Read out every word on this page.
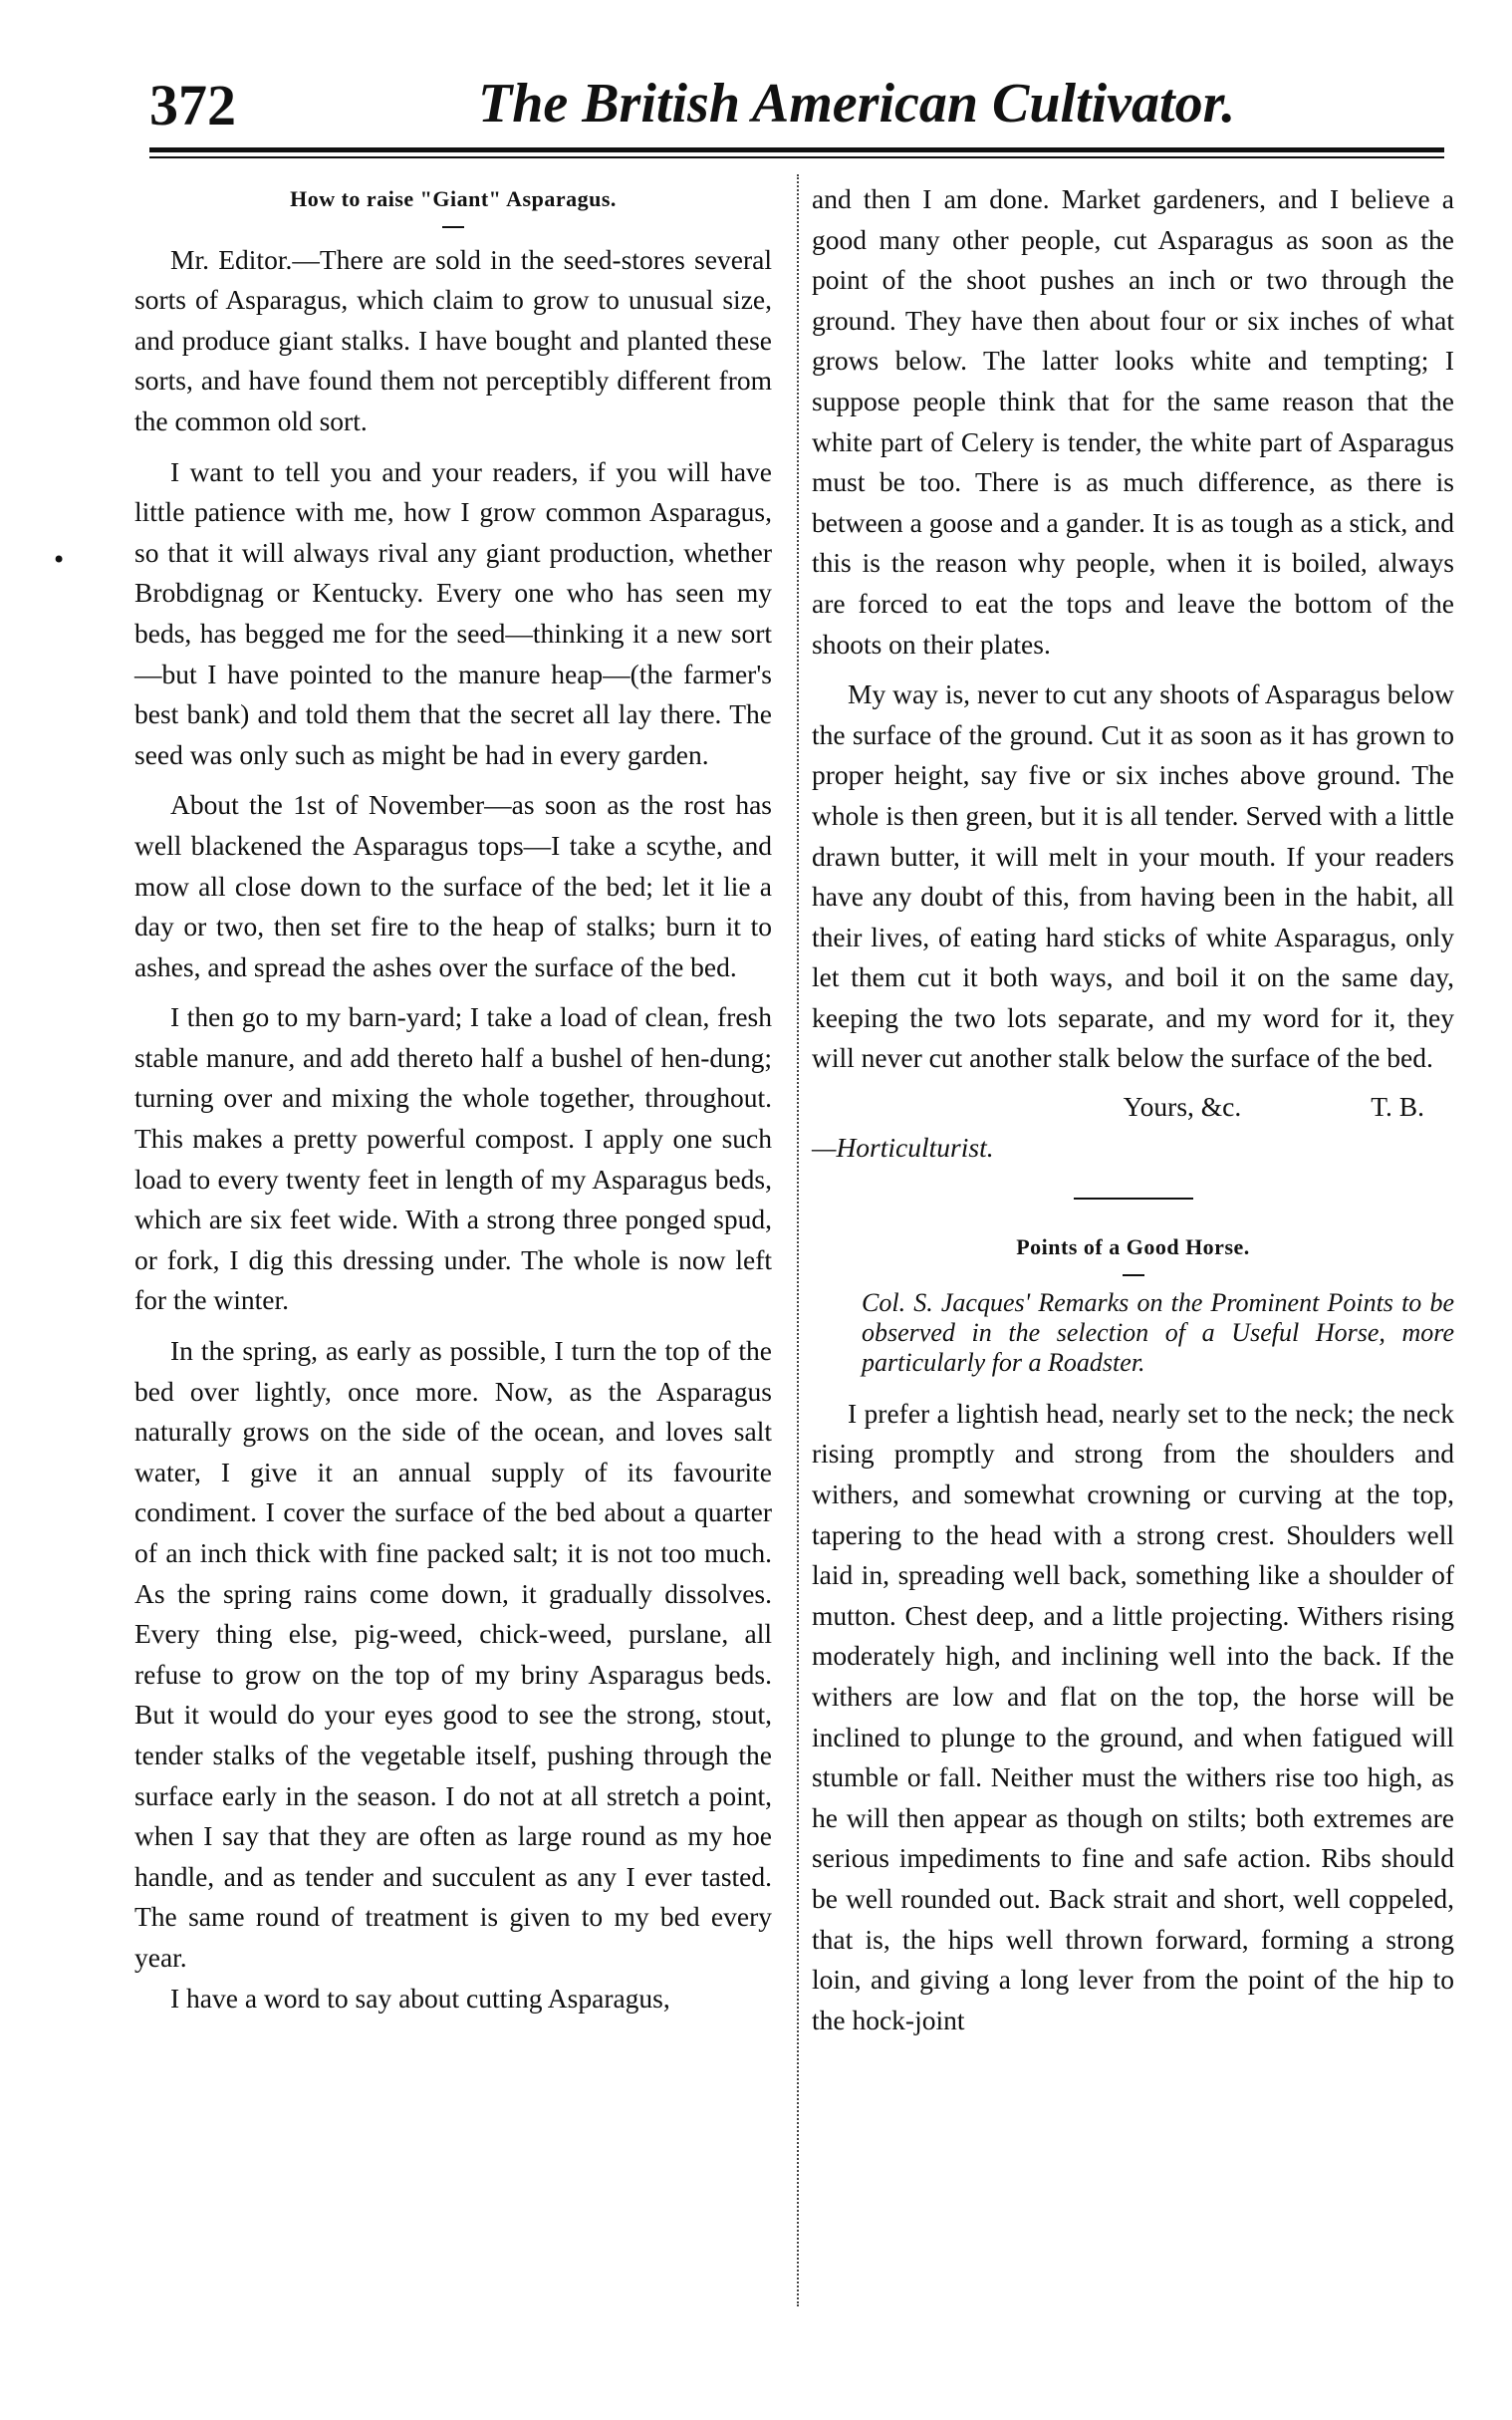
372	The British American Cultivator.
•

How to raise "Giant" Asparagus.

Mr. Editor.—There are sold in the seed-stores several sorts of Asparagus, which claim to grow to unusual size, and produce giant stalks. I have bought and planted these sorts, and have found them not perceptibly different from the common old sort.

I want to tell you and your readers, if you will have little patience with me, how I grow common Asparagus, so that it will always rival any giant production, whether Brobdignag or Kentucky. Every one who has seen my beds, has begged me for the seed—thinking it a new sort—but I have pointed to the manure heap—(the farmer's best bank) and told them that the secret all lay there. The seed was only such as might be had in every garden.

About the 1st of November—as soon as the rost has well blackened the Asparagus tops—I take a scythe, and mow all close down to the surface of the bed; let it lie a day or two, then set fire to the heap of stalks; burn it to ashes, and spread the ashes over the surface of the bed.

I then go to my barn-yard; I take a load of clean, fresh stable manure, and add thereto half a bushel of hen-dung; turning over and mixing the whole together, throughout. This makes a pretty powerful compost. I apply one such load to every twenty feet in length of my Asparagus beds, which are six feet wide. With a strong three ponged spud, or fork, I dig this dressing under. The whole is now left for the winter.

In the spring, as early as possible, I turn the top of the bed over lightly, once more. Now, as the Asparagus naturally grows on the side of the ocean, and loves salt water, I give it an annual supply of its favourite condiment. I cover the surface of the bed about a quarter of an inch thick with fine packed salt; it is not too much. As the spring rains come down, it gradually dissolves. Every thing else, pig-weed, chick-weed, purslane, all refuse to grow on the top of my briny Asparagus beds. But it would do your eyes good to see the strong, stout, tender stalks of the vegetable itself, pushing through the surface early in the season. I do not at all stretch a point, when I say that they are often as large round as my hoe handle, and as tender and succulent as any I ever tasted. The same round of treatment is given to my bed every year.

I have a word to say about cutting Asparagus,

and then I am done. Market gardeners, and I believe a good many other people, cut Asparagus as soon as the point of the shoot pushes an inch or two through the ground. They have then about four or six inches of what grows below. The latter looks white and tempting; I suppose people think that for the same reason that the white part of Celery is tender, the white part of Asparagus must be too. There is as much difference, as there is between a goose and a gander. It is as tough as a stick, and this is the reason why people, when it is boiled, always are forced to eat the tops and leave the bottom of the shoots on their plates.

My way is, never to cut any shoots of Asparagus below the surface of the ground. Cut it as soon as it has grown to proper height, say five or six inches above ground. The whole is then green, but it is all tender. Served with a little drawn butter, it will melt in your mouth. If your readers have any doubt of this, from having been in the habit, all their lives, of eating hard sticks of white Asparagus, only let them cut it both ways, and boil it on the same day, keeping the two lots separate, and my word for it, they will never cut another stalk below the surface of the bed.

Yours, &c.	T. B.

—Horticulturist.

Points of a Good Horse.

Col. S. Jacques' Remarks on the Prominent Points to be observed in the selection of a Useful Horse, more particularly for a Roadster.

I prefer a lightish head, nearly set to the neck; the neck rising promptly and strong from the shoulders and withers, and somewhat crowning or curving at the top, tapering to the head with a strong crest. Shoulders well laid in, spreading well back, something like a shoulder of mutton. Chest deep, and a little projecting. Withers rising moderately high, and inclining well into the back. If the withers are low and flat on the top, the horse will be inclined to plunge to the ground, and when fatigued will stumble or fall. Neither must the withers rise too high, as he will then appear as though on stilts; both extremes are serious impediments to fine and safe action. Ribs should be well rounded out. Back strait and short, well coppeled, that is, the hips well thrown forward, forming a strong loin, and giving a long lever from the point of the hip to the hock-joint
